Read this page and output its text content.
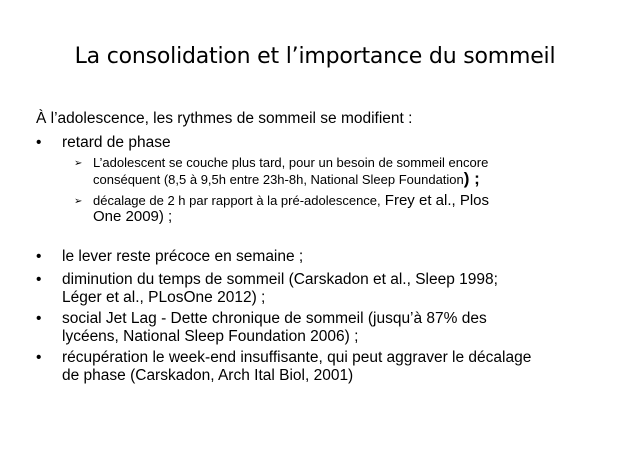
La consolidation et l’importance du sommeil
À l’adolescence, les rythmes de sommeil se modifient :
• retard de phase
➢ L’adolescent se couche plus tard, pour un besoin de sommeil encore
conséquent (8,5 à 9,5h entre 23h-8h, National Sleep Foundation) ;
➢ décalage de 2 h par rapport à la pré-adolescence, Frey et al., Plos
One 2009) ;
• le lever reste précoce en semaine ;
• diminution du temps de sommeil (Carskadon et al., Sleep 1998;
Léger et al., PLosOne 2012) ;
• social Jet Lag - Dette chronique de sommeil (jusqu’à 87% des
lycéens, National Sleep Foundation 2006) ;
• récupération le week-end insuffisante, qui peut aggraver le décalage
de phase (Carskadon, Arch Ital Biol, 2001)
